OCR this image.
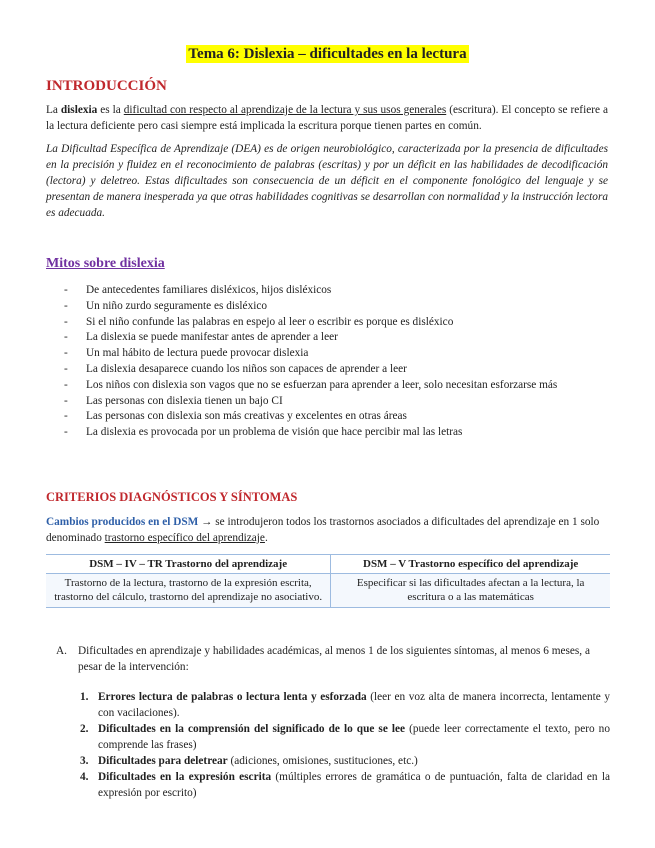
Tema 6: Dislexia – dificultades en la lectura
INTRODUCCIÓN
La dislexia es la dificultad con respecto al aprendizaje de la lectura y sus usos generales (escritura). El concepto se refiere a la lectura deficiente pero casi siempre está implicada la escritura porque tienen partes en común.
La Dificultad Específica de Aprendizaje (DEA) es de origen neurobiológico, caracterizada por la presencia de dificultades en la precisión y fluidez en el reconocimiento de palabras (escritas) y por un déficit en las habilidades de decodificación (lectora) y deletreo. Estas dificultades son consecuencia de un déficit en el componente fonológico del lenguaje y se presentan de manera inesperada ya que otras habilidades cognitivas se desarrollan con normalidad y la instrucción lectora es adecuada.
Mitos sobre dislexia
- De antecedentes familiares disléxicos, hijos disléxicos
- Un niño zurdo seguramente es disléxico
- Si el niño confunde las palabras en espejo al leer o escribir es porque es disléxico
- La dislexia se puede manifestar antes de aprender a leer
- Un mal hábito de lectura puede provocar dislexia
- La dislexia desaparece cuando los niños son capaces de aprender a leer
- Los niños con dislexia son vagos que no se esfuerzan para aprender a leer, solo necesitan esforzarse más
- Las personas con dislexia tienen un bajo CI
- Las personas con dislexia son más creativas y excelentes en otras áreas
- La dislexia es provocada por un problema de visión que hace percibir mal las letras
CRITERIOS DIAGNÓSTICOS Y SÍNTOMAS
Cambios producidos en el DSM → se introdujeron todos los trastornos asociados a dificultades del aprendizaje en 1 solo denominado trastorno específico del aprendizaje.
DSM – IV – TR Trastorno del aprendizaje	DSM – V Trastorno específico del aprendizaje
Trastorno de la lectura, trastorno de la expresión escrita, trastorno del cálculo, trastorno del aprendizaje no asociativo.	Especificar si las dificultades afectan a la lectura, la escritura o a las matemáticas
A. Dificultades en aprendizaje y habilidades académicas, al menos 1 de los siguientes síntomas, al menos 6 meses, a pesar de la intervención:
1. Errores lectura de palabras o lectura lenta y esforzada (leer en voz alta de manera incorrecta, lentamente y con vacilaciones).
2. Dificultades en la comprensión del significado de lo que se lee (puede leer correctamente el texto, pero no comprende las frases)
3. Dificultades para deletrear (adiciones, omisiones, sustituciones, etc.)
4. Dificultades en la expresión escrita (múltiples errores de gramática o de puntuación, falta de claridad en la expresión por escrito)
